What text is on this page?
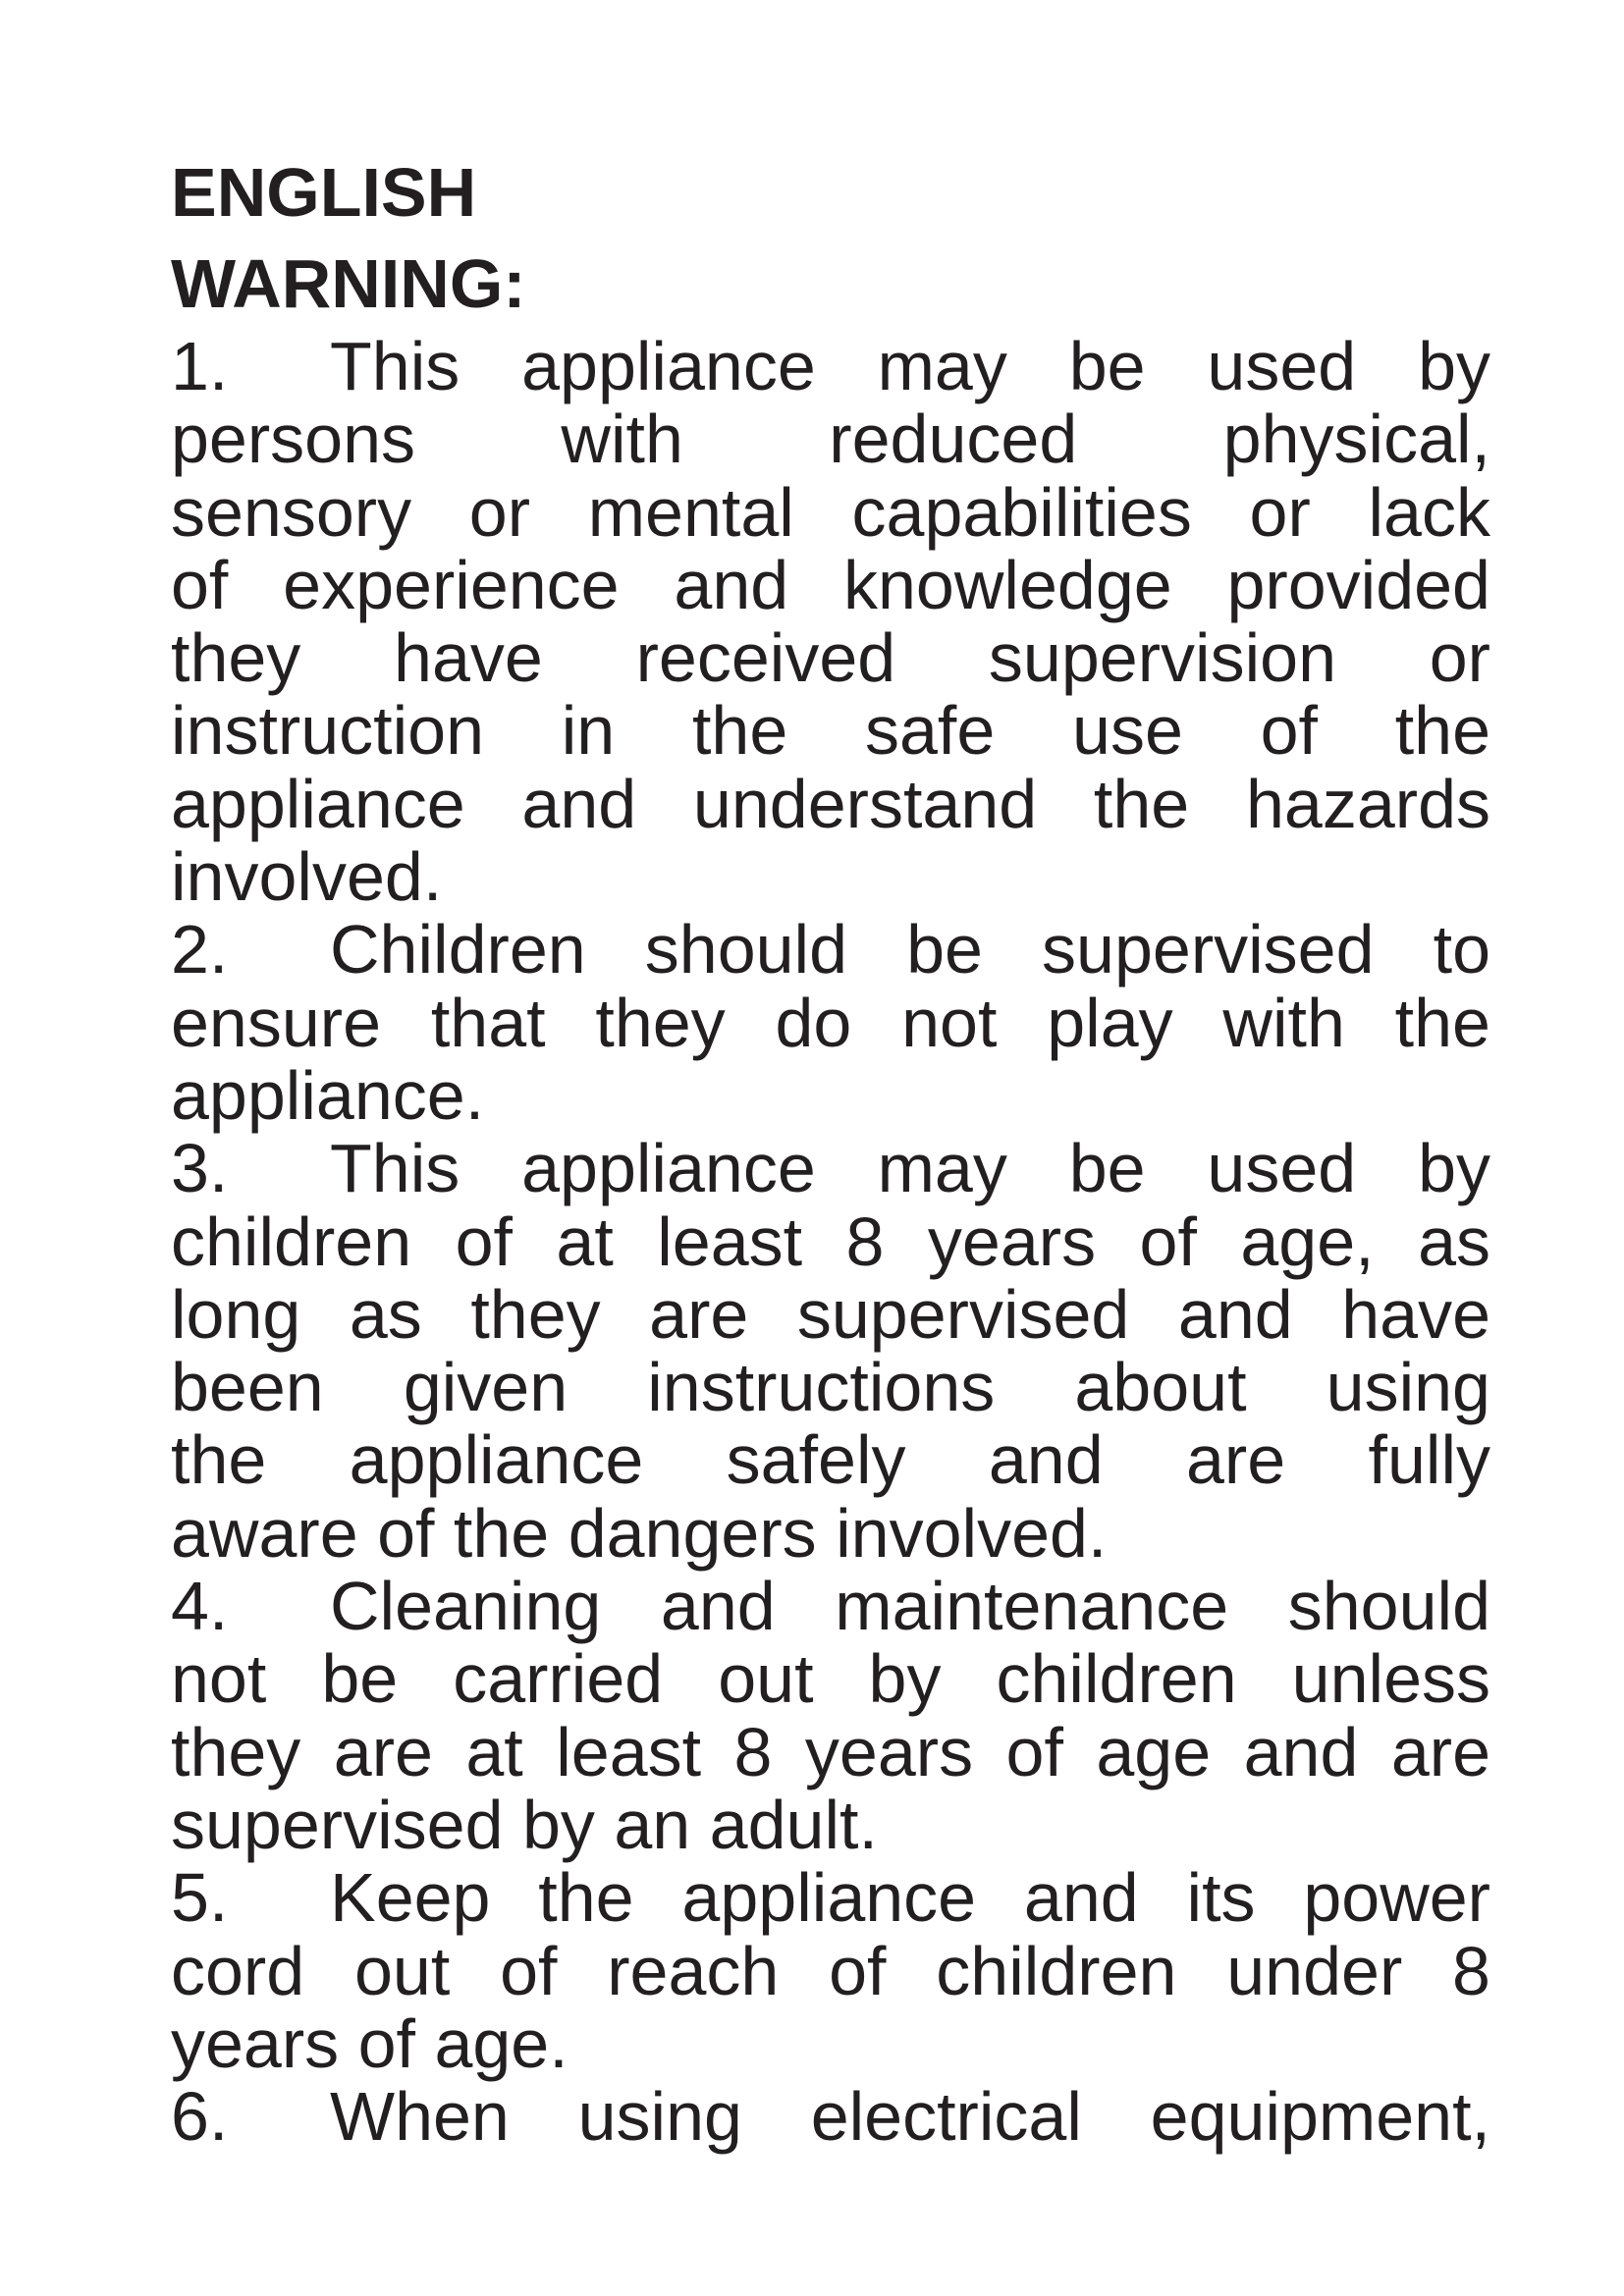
ENGLISH

WARNING:

1. This appliance may be used by
persons with reduced physical,
sensory or mental capabilities or lack
of experience and knowledge provided
they have received supervision or
instruction in the safe use of the
appliance and understand the hazards
involved.
2. Children should be supervised to
ensure that they do not play with the
appliance.
3. This appliance may be used by
children of at least 8 years of age, as
long as they are supervised and have
been given instructions about using
the appliance safely and are fully
aware of the dangers involved.
4. Cleaning and maintenance should
not be carried out by children unless
they are at least 8 years of age and are
supervised by an adult.
5. Keep the appliance and its power
cord out of reach of children under 8
years of age.
6. When using electrical equipment,
